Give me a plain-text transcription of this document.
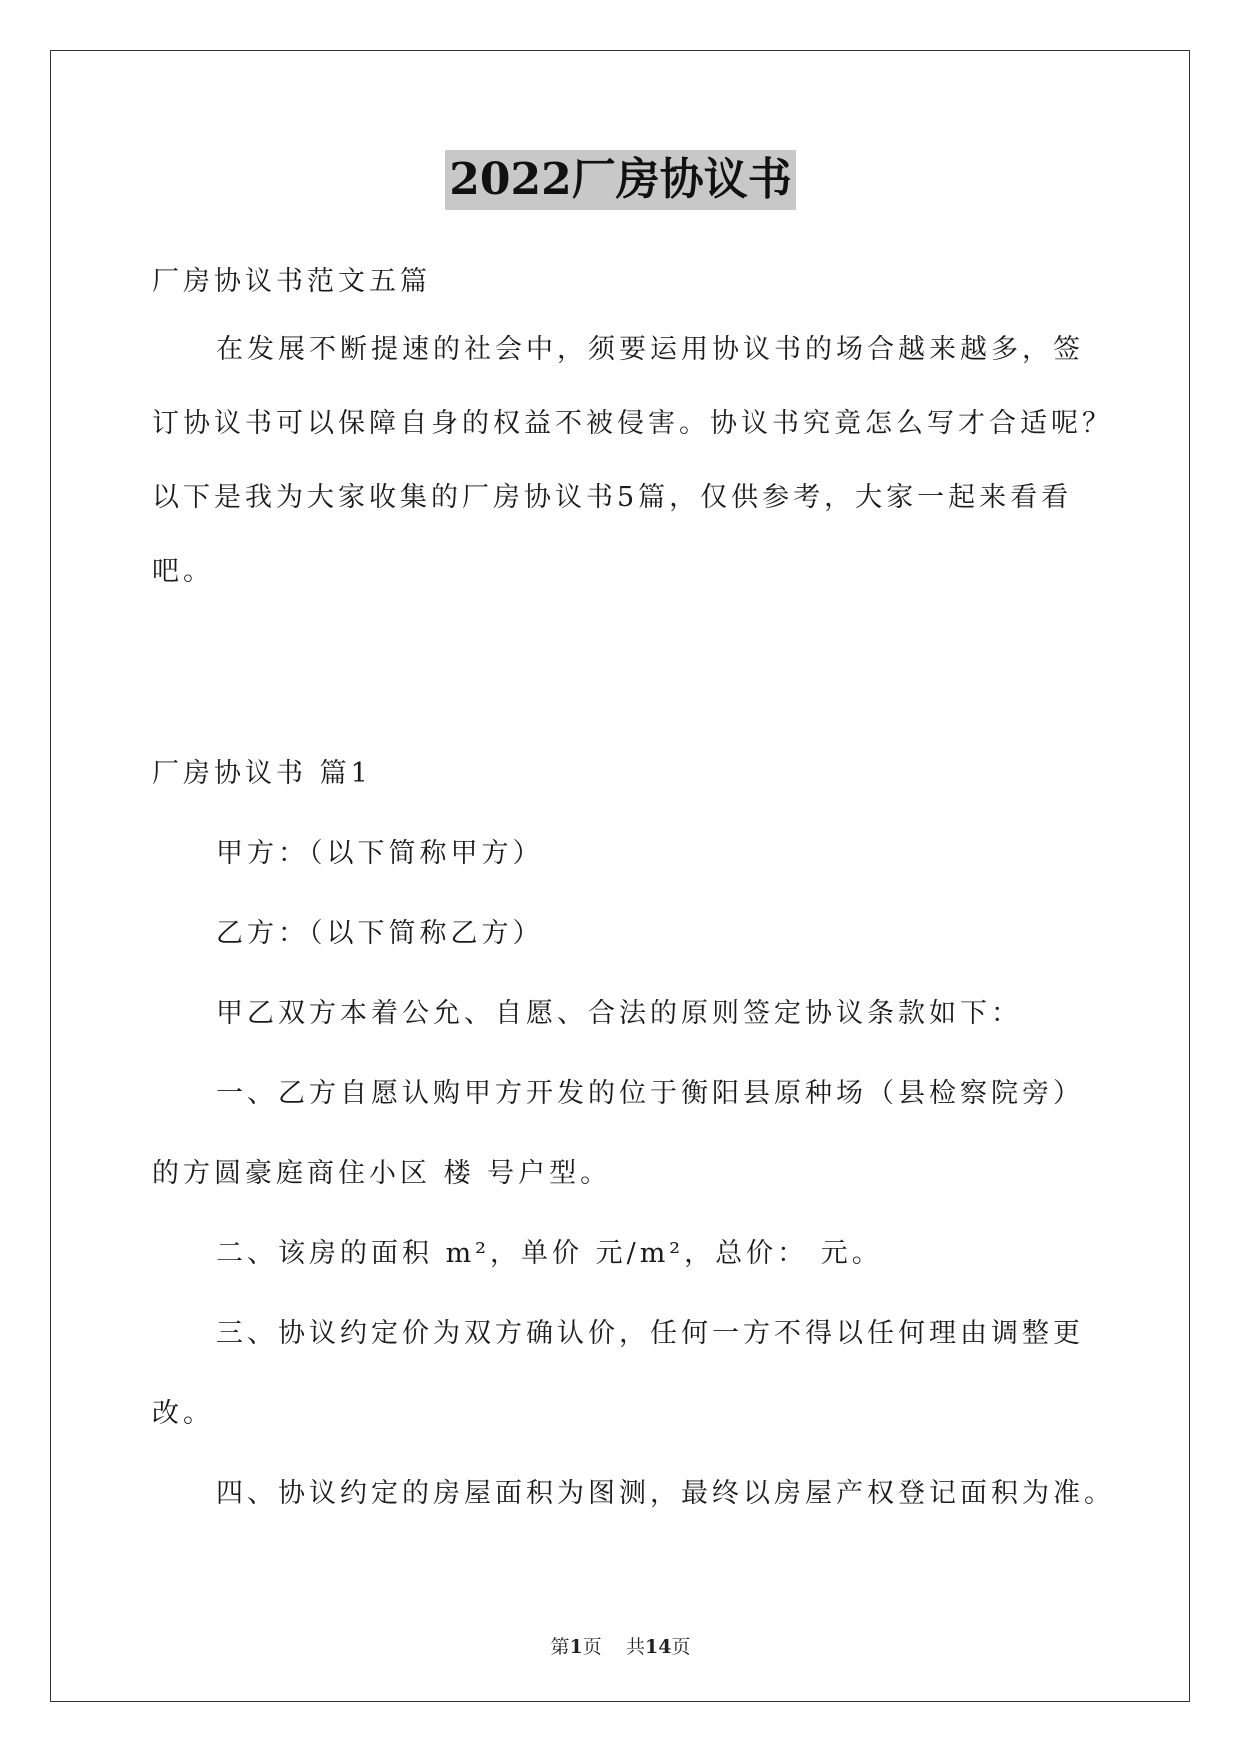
2022厂房协议书
厂房协议书范文五篇
在发展不断提速的社会中，须要运用协议书的场合越来越多，签
订协议书可以保障自身的权益不被侵害。协议书究竟怎么写才合适呢？
以下是我为大家收集的厂房协议书5篇，仅供参考，大家一起来看看
吧。
厂房协议书 篇1
甲方：（以下简称甲方）
乙方：（以下简称乙方）
甲乙双方本着公允、自愿、合法的原则签定协议条款如下：
一、乙方自愿认购甲方开发的位于衡阳县原种场（县检察院旁）
的方圆豪庭商住小区 楼 号户型。
二、该房的面积 m²，单价 元/m²，总价： 元。
三、协议约定价为双方确认价，任何一方不得以任何理由调整更
改。
四、协议约定的房屋面积为图测，最终以房屋产权登记面积为准。
第1页 共14页
